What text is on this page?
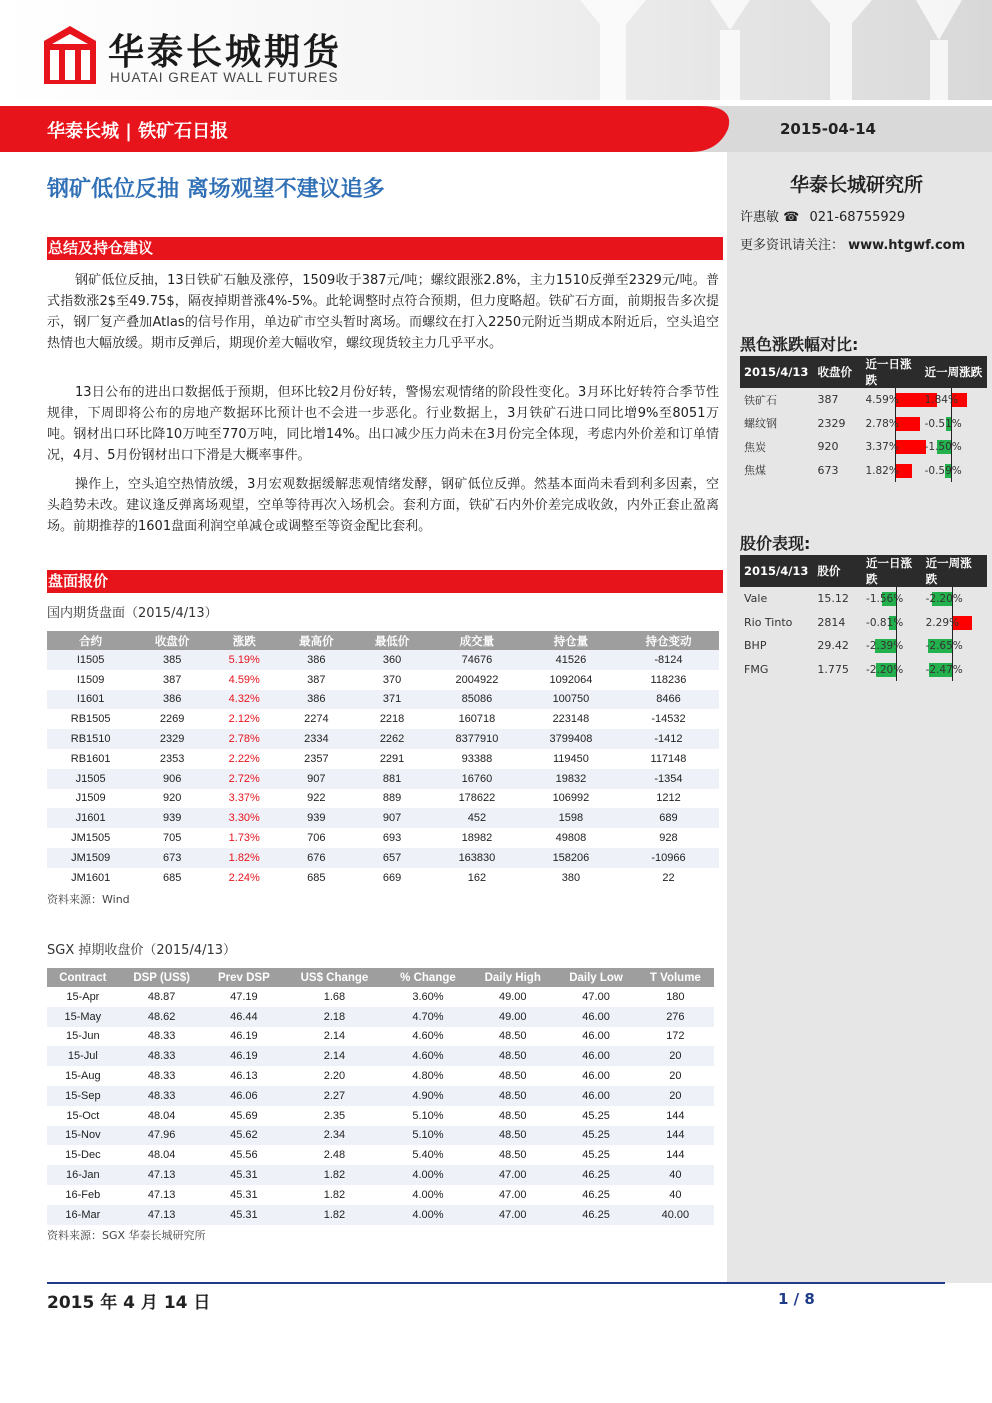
华泰长城期货
HUATAI GREAT WALL FUTURES
华泰长城 | 铁矿石日报	2015-04-14
华泰长城研究所
许惠敏 ☎ 021-68755929
更多资讯请关注： www.htgwf.com
黑色涨跌幅对比:
2015/4/13	收盘价	近一日涨跌	近一周涨跌
铁矿石	387	4.59%	1.84%
螺纹钢	2329	2.78%	-0.51%
焦炭	920	3.37%	-1.50%
焦煤	673	1.82%	-0.59%
股价表现:
2015/4/13	股价	近一日涨跌	近一周涨跌
Vale	15.12	-1.56%	-2.20%
Rio Tinto	2814	-0.81%	2.29%
BHP	29.42	-2.39%	-2.65%
FMG	1.775	-2.20%	-2.47%
钢矿低位反抽 离场观望不建议追多
总结及持仓建议
钢矿低位反抽，13日铁矿石触及涨停，1509收于387元/吨；螺纹跟涨2.8%，主力1510反弹至2329元/吨。普式指数涨2$至49.75$，隔夜掉期普涨4%-5%。此轮调整时点符合预期，但力度略超。铁矿石方面，前期报告多次提示，钢厂复产叠加Atlas的信号作用，单边矿市空头暂时离场。而螺纹在打入2250元附近当期成本附近后，空头追空热情也大幅放缓。期市反弹后，期现价差大幅收窄，螺纹现货较主力几乎平水。
13日公布的进出口数据低于预期，但环比较2月份好转，警惕宏观情绪的阶段性变化。3月环比好转符合季节性规律，下周即将公布的房地产数据环比预计也不会进一步恶化。行业数据上，3月铁矿石进口同比增9%至8051万吨。钢材出口环比降10万吨至770万吨，同比增14%。出口减少压力尚未在3月份完全体现，考虑内外价差和订单情况，4月、5月份钢材出口下滑是大概率事件。
操作上，空头追空热情放缓，3月宏观数据缓解悲观情绪发酵，钢矿低位反弹。然基本面尚未看到利多因素，空头趋势未改。建议逢反弹离场观望，空单等待再次入场机会。套利方面，铁矿石内外价差完成收敛，内外正套止盈离场。前期推荐的1601盘面利润空单减仓或调整至等资金配比套利。
盘面报价
国内期货盘面（2015/4/13）
合约	收盘价	涨跌	最高价	最低价	成交量	持仓量	持仓变动
I1505	385	5.19%	386	360	74676	41526	-8124
I1509	387	4.59%	387	370	2004922	1092064	118236
I1601	386	4.32%	386	371	85086	100750	8466
RB1505	2269	2.12%	2274	2218	160718	223148	-14532
RB1510	2329	2.78%	2334	2262	8377910	3799408	-1412
RB1601	2353	2.22%	2357	2291	93388	119450	117148
J1505	906	2.72%	907	881	16760	19832	-1354
J1509	920	3.37%	922	889	178622	106992	1212
J1601	939	3.30%	939	907	452	1598	689
JM1505	705	1.73%	706	693	18982	49808	928
JM1509	673	1.82%	676	657	163830	158206	-10966
JM1601	685	2.24%	685	669	162	380	22
资料来源：Wind
SGX 掉期收盘价（2015/4/13）
Contract	DSP (US$)	Prev DSP	US$ Change	% Change	Daily High	Daily Low	T Volume
15-Apr	48.87	47.19	1.68	3.60%	49.00	47.00	180
15-May	48.62	46.44	2.18	4.70%	49.00	46.00	276
15-Jun	48.33	46.19	2.14	4.60%	48.50	46.00	172
15-Jul	48.33	46.19	2.14	4.60%	48.50	46.00	20
15-Aug	48.33	46.13	2.20	4.80%	48.50	46.00	20
15-Sep	48.33	46.06	2.27	4.90%	48.50	46.00	20
15-Oct	48.04	45.69	2.35	5.10%	48.50	45.25	144
15-Nov	47.96	45.62	2.34	5.10%	48.50	45.25	144
15-Dec	48.04	45.56	2.48	5.40%	48.50	45.25	144
16-Jan	47.13	45.31	1.82	4.00%	47.00	46.25	40
16-Feb	47.13	45.31	1.82	4.00%	47.00	46.25	40
16-Mar	47.13	45.31	1.82	4.00%	47.00	46.25	40.00
资料来源：SGX 华泰长城研究所
2015 年 4 月 14 日	1 / 8
